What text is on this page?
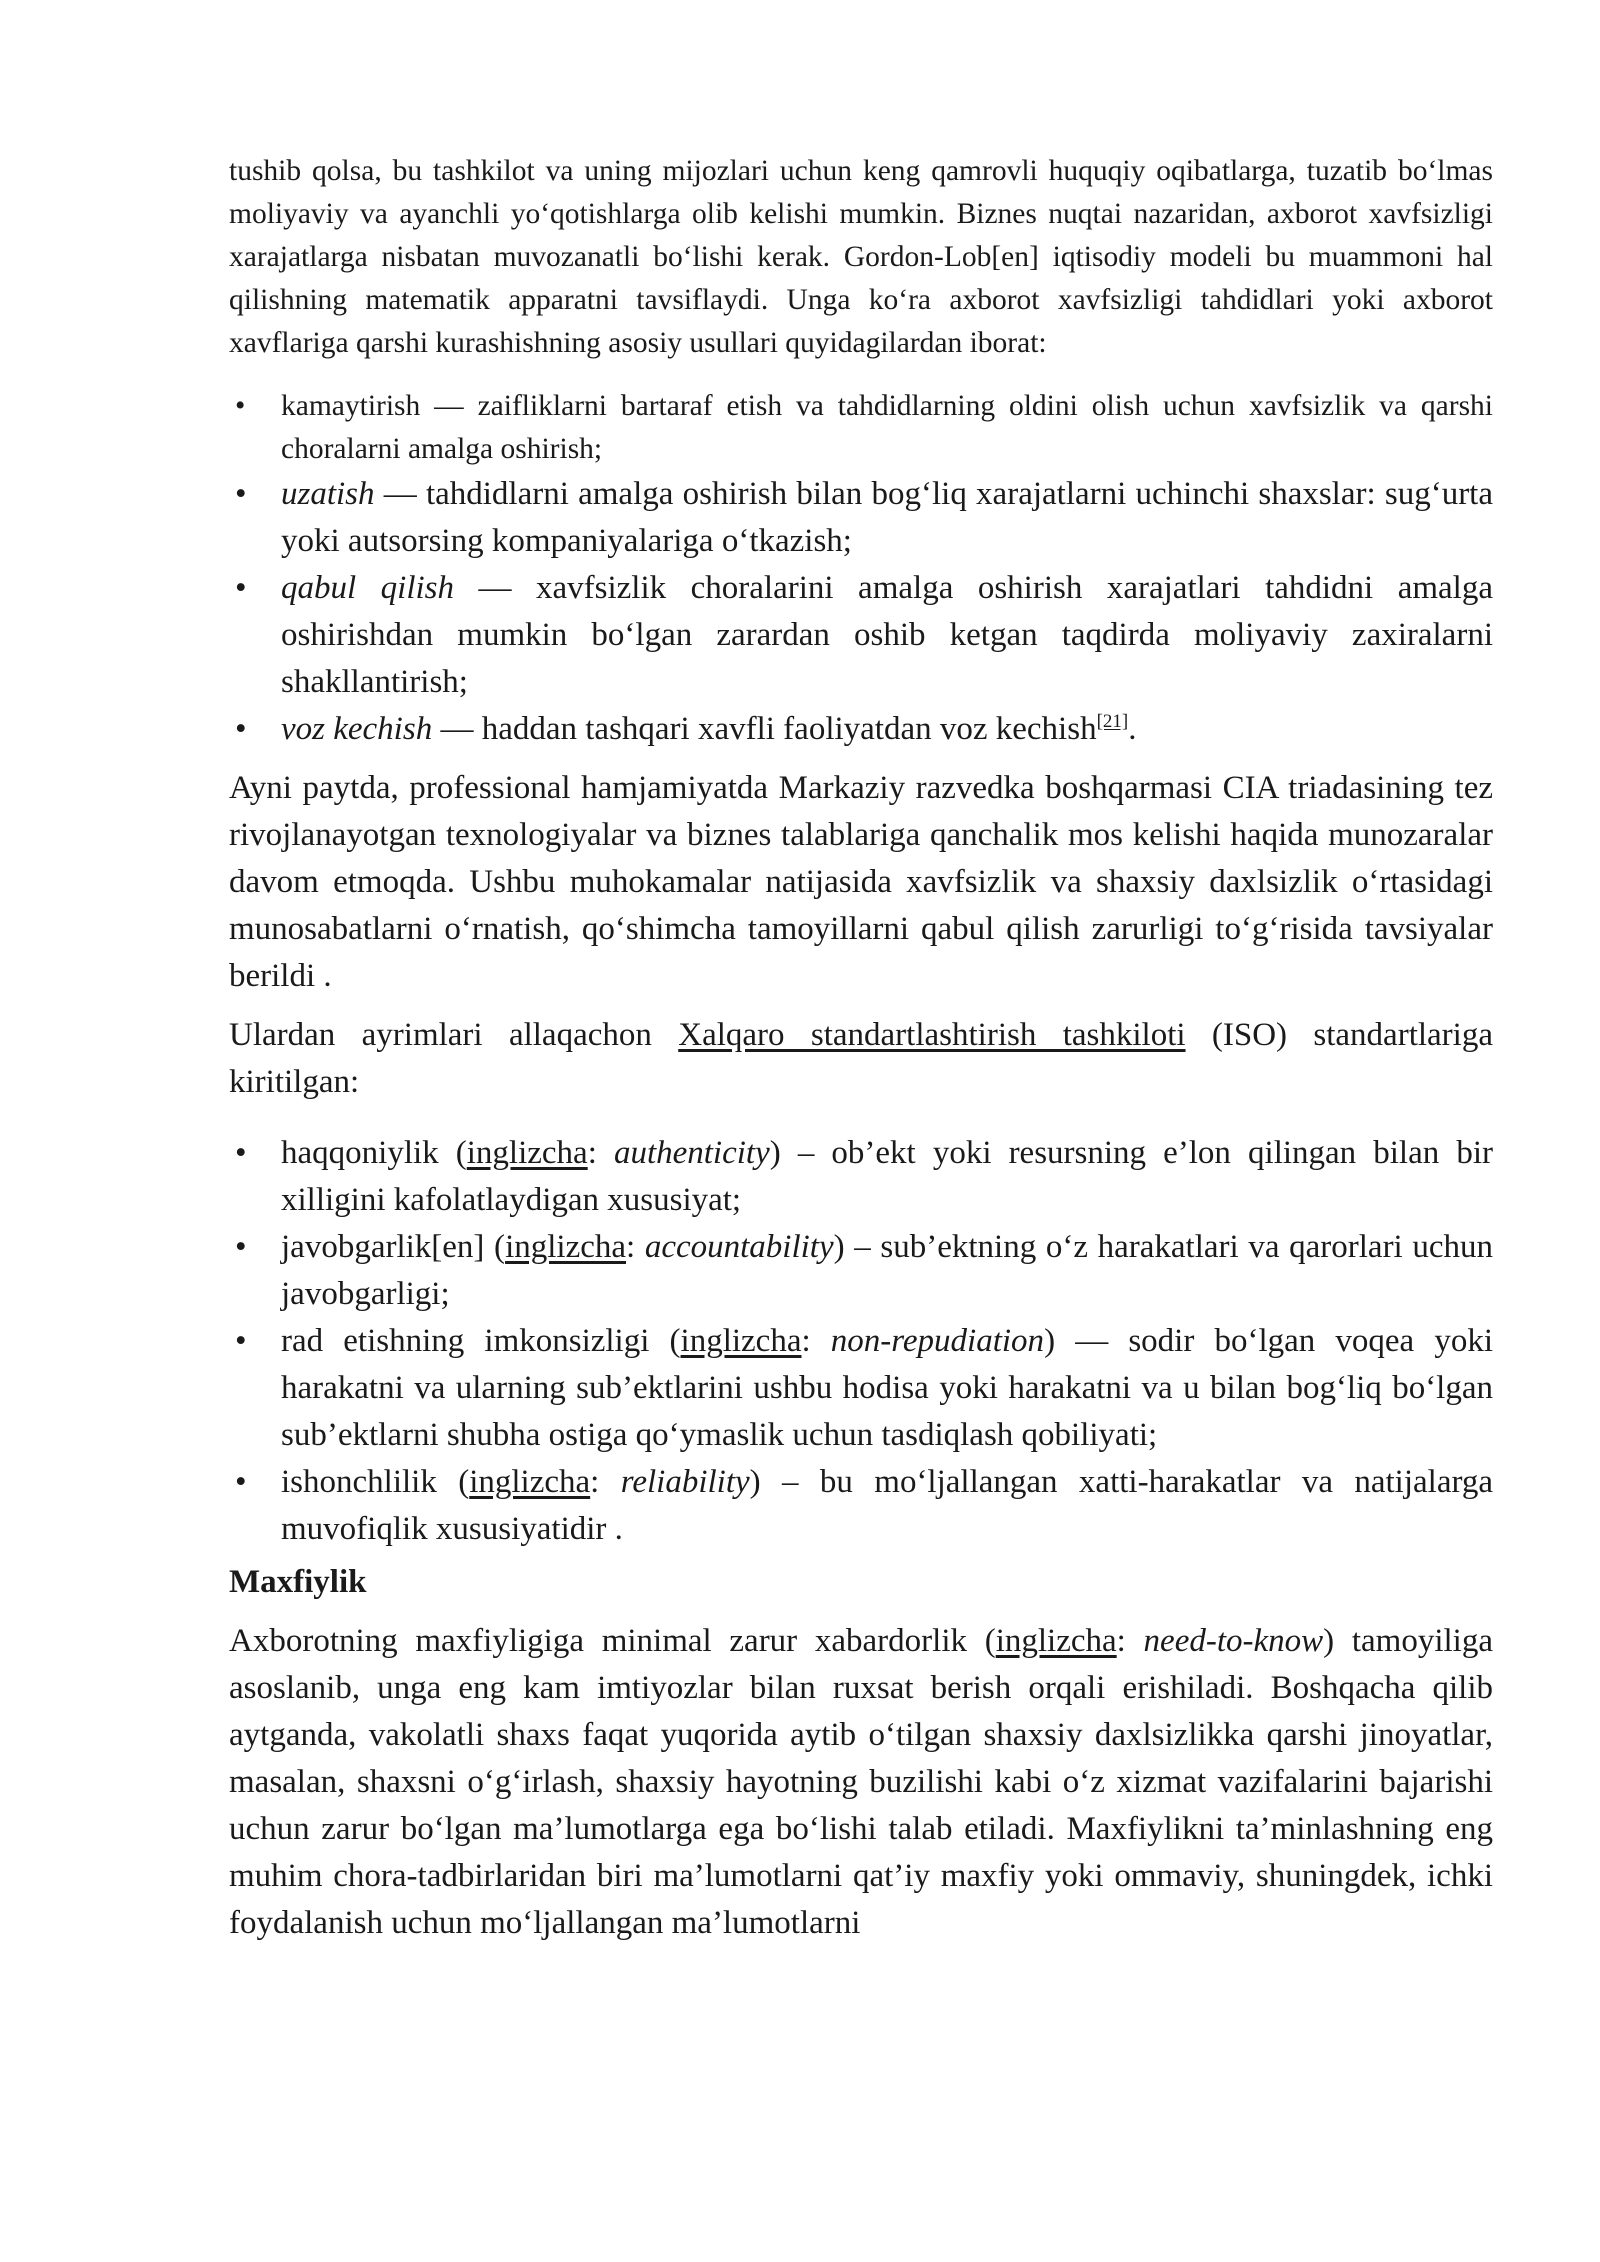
tushib qolsa, bu tashkilot va uning mijozlari uchun keng qamrovli huquqiy oqibatlarga, tuzatib boʻlmas moliyaviy va ayanchli yoʻqotishlarga olib kelishi mumkin. Biznes nuqtai nazaridan, axborot xavfsizligi xarajatlarga nisbatan muvozanatli boʻlishi kerak. Gordon-Lob[en] iqtisodiy modeli bu muammoni hal qilishning matematik apparatni tavsiflaydi. Unga koʻra axborot xavfsizligi tahdidlari yoki axborot xavflariga qarshi kurashishning asosiy usullari quyidagilardan iborat:

• kamaytirish — zaifliklarni bartaraf etish va tahdidlarning oldini olish uchun xavfsizlik va qarshi choralarni amalga oshirish;
• uzatish — tahdidlarni amalga oshirish bilan bogʻliq xarajatlarni uchinchi shaxslar: sugʻurta yoki autsorsing kompaniyalariga oʻtkazish;
• qabul qilish — xavfsizlik choralarini amalga oshirish xarajatlari tahdidni amalga oshirishdan mumkin boʻlgan zarardan oshib ketgan taqdirda moliyaviy zaxiralarni shakllantirish;
• voz kechish — haddan tashqari xavfli faoliyatdan voz kechish[21].

Ayni paytda, professional hamjamiyatda Markaziy razvedka boshqarmasi CIA triadasining tez rivojlanayotgan texnologiyalar va biznes talablariga qanchalik mos kelishi haqida munozaralar davom etmoqda. Ushbu muhokamalar natijasida xavfsizlik va shaxsiy daxlsizlik oʻrtasidagi munosabatlarni oʻrnatish, qoʻshimcha tamoyillarni qabul qilish zarurligi toʻgʻrisida tavsiyalar berildi .

Ulardan ayrimlari allaqachon Xalqaro standartlashtirish tashkiloti (ISO) standartlariga kiritilgan:

• haqqoniylik (inglizcha: authenticity) – ob’ekt yoki resursning e’lon qilingan bilan bir xilligini kafolatlaydigan xususiyat;
• javobgarlik[en] (inglizcha: accountability) – sub’ektning oʻz harakatlari va qarorlari uchun javobgarligi;
• rad etishning imkonsizligi (inglizcha: non-repudiation) — sodir boʻlgan voqea yoki harakatni va ularning sub’ektlarini ushbu hodisa yoki harakatni va u bilan bogʻliq boʻlgan sub’ektlarni shubha ostiga qoʻymaslik uchun tasdiqlash qobiliyati;
• ishonchlilik (inglizcha: reliability) – bu moʻljallangan xatti-harakatlar va natijalarga muvofiqlik xususiyatidir .
Maxfiylik

Axborotning maxfiyligiga minimal zarur xabardorlik (inglizcha: need-to-know) tamoyiliga asoslanib, unga eng kam imtiyozlar bilan ruxsat berish orqali erishiladi. Boshqacha qilib aytganda, vakolatli shaxs faqat yuqorida aytib oʻtilgan shaxsiy daxlsizlikka qarshi jinoyatlar, masalan, shaxsni oʻgʻirlash, shaxsiy hayotning buzilishi kabi oʻz xizmat vazifalarini bajarishi uchun zarur boʻlgan ma’lumotlarga ega boʻlishi talab etiladi. Maxfiylikni ta’minlashning eng muhim chora-tadbirlaridan biri ma’lumotlarni qat’iy maxfiy yoki ommaviy, shuningdek, ichki foydalanish uchun moʻljallangan ma’lumotlarni
